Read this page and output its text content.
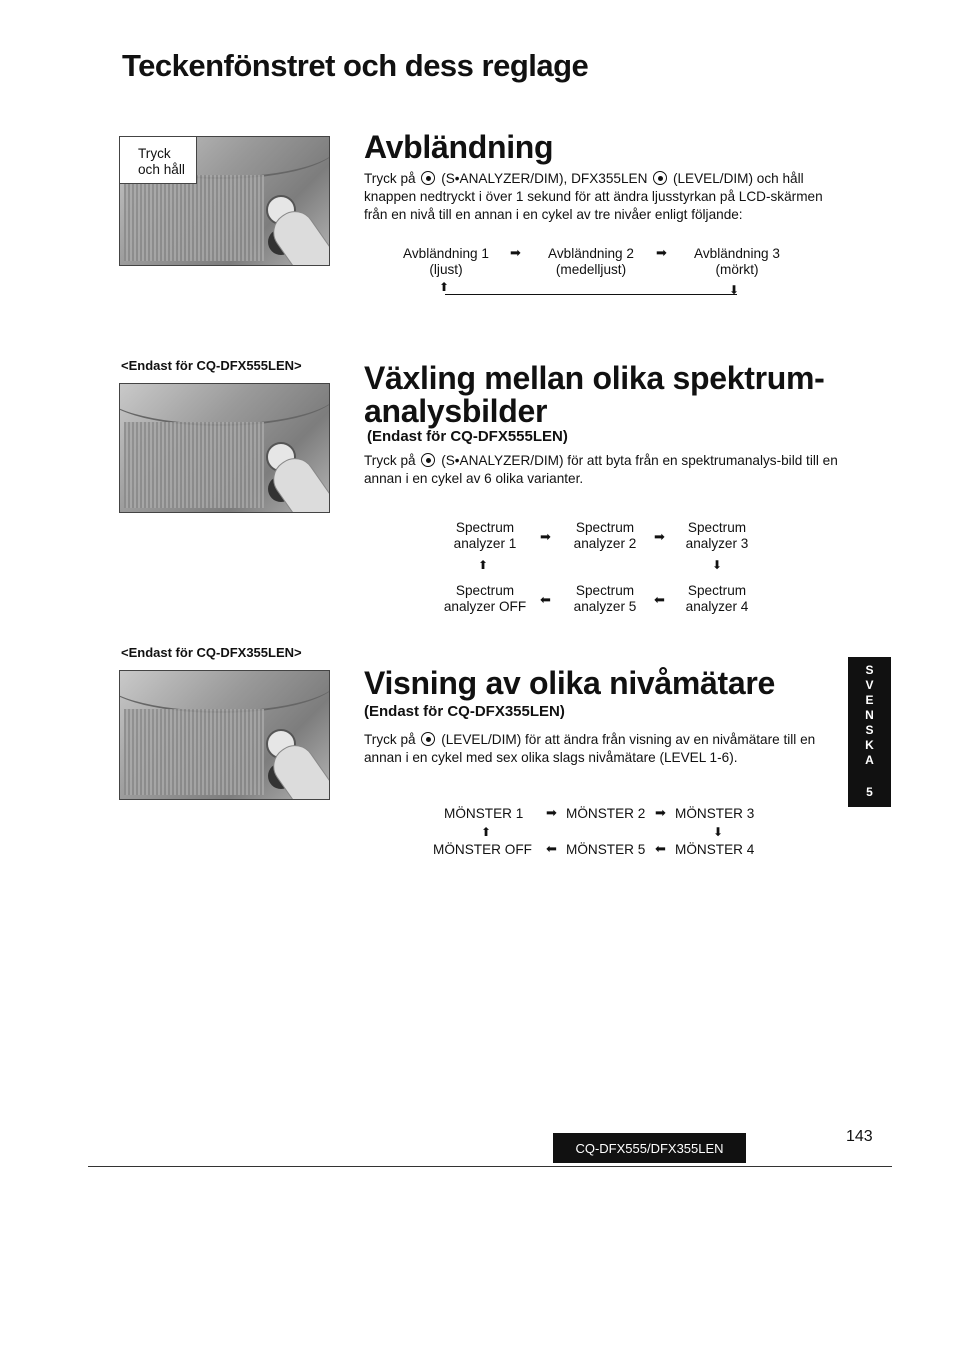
Teckenfönstret och dess reglage
Tryck
och håll
Avbländning
Tryck på (S•ANALYZER/DIM), DFX355LEN (LEVEL/DIM) och håll knappen nedtryckt i över 1 sekund för att ändra ljusstyrkan på LCD-skärmen från en nivå till en annan i en cykel av tre nivåer enligt följande:
Avbländning 1
(ljust)
➡	Avbländning 2
(medelljust)
➡	Avbländning 3
(mörkt)
⬆	⬇
<Endast för CQ-DFX555LEN> Växling mellan olika spektrum-
analysbilder
(Endast för CQ-DFX555LEN)
Tryck på (S•ANALYZER/DIM) för att byta från en spektrumanalys-bild till en annan i en cykel av 6 olika varianter.
Spectrum
analyzer 1	➡
Spectrum
analyzer 2	➡
Spectrum
analyzer 3
⬆	⬇
Spectrum
analyzer OFF	⬅
Spectrum
analyzer 5	⬅
Spectrum
analyzer 4
<Endast för CQ-DFX355LEN>
Visning av olika nivåmätare
(Endast för CQ-DFX355LEN)
Tryck på (LEVEL/DIM) för att ändra från visning av en nivåmätare till en annan i en cykel med sex olika slags nivåmätare (LEVEL 1-6).
MÖNSTER 1 ➡ MÖNSTER 2 ➡ MÖNSTER 3
⬆	⬇
MÖNSTER OFF ⬅ MÖNSTER 5 ⬅ MÖNSTER 4
S
V
E
N
S
K
A
5
CQ-DFX555/DFX355LEN
143
